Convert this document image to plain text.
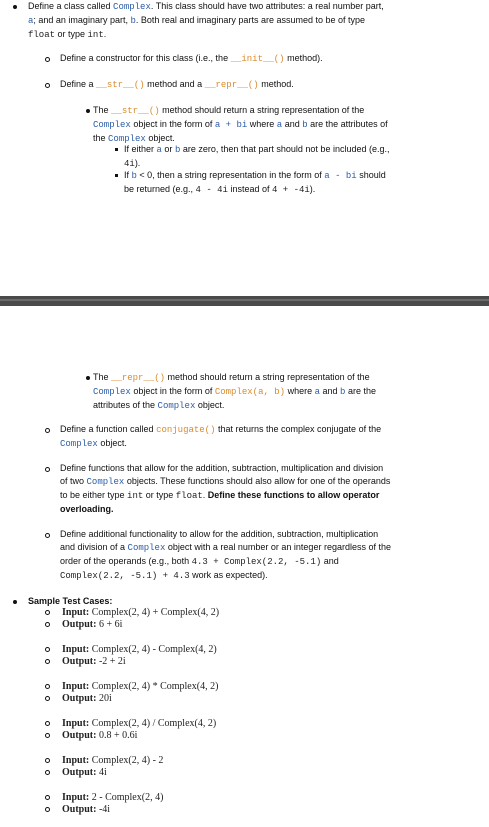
Define a class called Complex. This class should have two attributes: a real number part,
a; and an imaginary part, b. Both real and imaginary parts are assumed to be of type
float or type int.
Define a constructor for this class (i.e., the __init__() method).
Define a __str__() method and a __repr__() method.
The __str__() method should return a string representation of the
Complex object in the form of a + bi where a and b are the attributes of
the Complex object.
If either a or b are zero, then that part should not be included (e.g.,
4i).
If b < 0, then a string representation in the form of a - bi should
be returned (e.g., 4 - 4i instead of 4 + -4i).
The __repr__() method should return a string representation of the
Complex object in the form of Complex(a, b) where a and b are the
attributes of the Complex object.
Define a function called conjugate() that returns the complex conjugate of the
Complex object.
Define functions that allow for the addition, subtraction, multiplication and division
of two Complex objects. These functions should also allow for one of the operands
to be either type int or type float. Define these functions to allow operator
overloading.
Define additional functionality to allow for the addition, subtraction, multiplication
and division of a Complex object with a real number or an integer regardless of the
order of the operands (e.g., both 4.3 + Complex(2.2, -5.1) and
Complex(2.2, -5.1) + 4.3 work as expected).
Sample Test Cases:
Input: Complex(2, 4) + Complex(4, 2)
Output: 6 + 6i
Input: Complex(2, 4) - Complex(4, 2)
Output: -2 + 2i
Input: Complex(2, 4) * Complex(4, 2)
Output: 20i
Input: Complex(2, 4) / Complex(4, 2)
Output: 0.8 + 0.6i
Input: Complex(2, 4) - 2
Output: 4i
Input: 2 - Complex(2, 4)
Output: -4i
